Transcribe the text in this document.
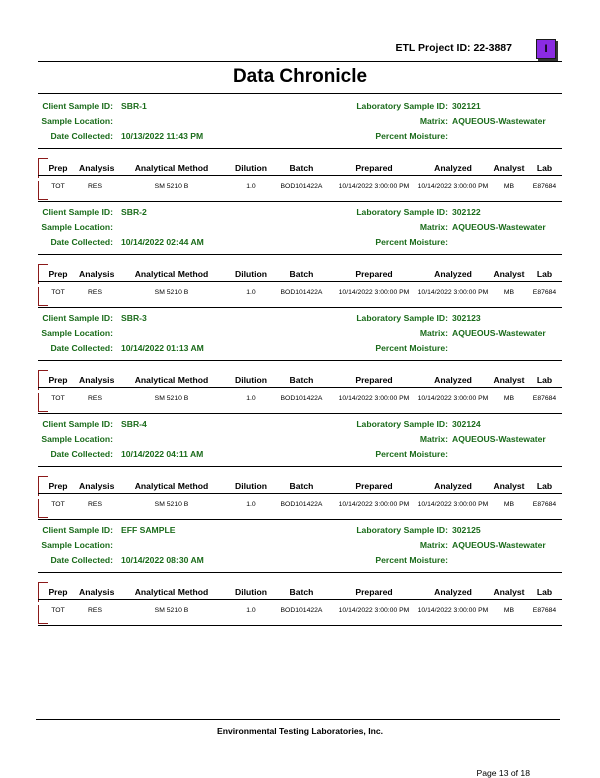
ETL Project ID: 22-3887	I
Data Chronicle
Client Sample ID: SBR-1	Laboratory Sample ID: 302121
Sample Location:	Matrix: AQUEOUS-Wastewater
Date Collected: 10/13/2022 11:43 PM	Percent Moisture:
Prep	Analysis	Analytical Method	Dilution	Batch	Prepared	Analyzed	Analyst	Lab
TOT	RES	SM 5210 B	1.0	BOD101422A	10/14/2022 3:00:00 PM	10/14/2022 3:00:00 PM	MB	E87684
Client Sample ID: SBR-2	Laboratory Sample ID: 302122
Sample Location:	Matrix: AQUEOUS-Wastewater
Date Collected: 10/14/2022 02:44 AM	Percent Moisture:
Prep	Analysis	Analytical Method	Dilution	Batch	Prepared	Analyzed	Analyst	Lab
TOT	RES	SM 5210 B	1.0	BOD101422A	10/14/2022 3:00:00 PM	10/14/2022 3:00:00 PM	MB	E87684
Client Sample ID: SBR-3	Laboratory Sample ID: 302123
Sample Location:	Matrix: AQUEOUS-Wastewater
Date Collected: 10/14/2022 01:13 AM	Percent Moisture:
Prep	Analysis	Analytical Method	Dilution	Batch	Prepared	Analyzed	Analyst	Lab
TOT	RES	SM 5210 B	1.0	BOD101422A	10/14/2022 3:00:00 PM	10/14/2022 3:00:00 PM	MB	E87684
Client Sample ID: SBR-4	Laboratory Sample ID: 302124
Sample Location:	Matrix: AQUEOUS-Wastewater
Date Collected: 10/14/2022 04:11 AM	Percent Moisture:
Prep	Analysis	Analytical Method	Dilution	Batch	Prepared	Analyzed	Analyst	Lab
TOT	RES	SM 5210 B	1.0	BOD101422A	10/14/2022 3:00:00 PM	10/14/2022 3:00:00 PM	MB	E87684
Client Sample ID: EFF SAMPLE	Laboratory Sample ID: 302125
Sample Location:	Matrix: AQUEOUS-Wastewater
Date Collected: 10/14/2022 08:30 AM	Percent Moisture:
Prep	Analysis	Analytical Method	Dilution	Batch	Prepared	Analyzed	Analyst	Lab
TOT	RES	SM 5210 B	1.0	BOD101422A	10/14/2022 3:00:00 PM	10/14/2022 3:00:00 PM	MB	E87684
Environmental Testing Laboratories, Inc.
Page 13 of 18
